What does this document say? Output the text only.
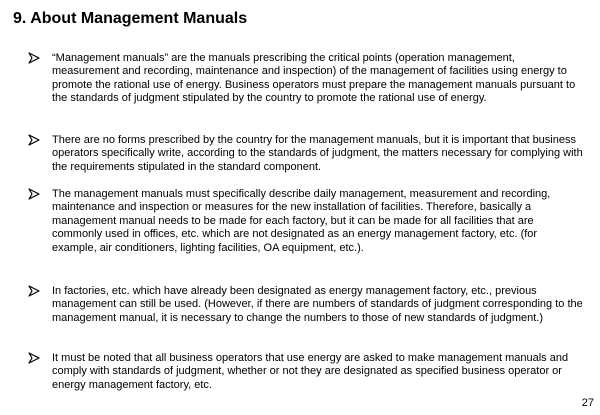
9. About Management Manuals
“Management manuals” are the manuals prescribing the critical points (operation management, measurement and recording, maintenance and inspection) of the management of facilities using energy to promote the rational use of energy. Business operators must prepare the management manuals pursuant to the standards of judgment stipulated by the country to promote the rational use of energy.
There are no forms prescribed by the country for the management manuals, but it is important that business operators specifically write, according to the standards of judgment, the matters necessary for complying with the requirements stipulated in the standard component.
The management manuals must specifically describe daily management, measurement and recording, maintenance and inspection or measures for the new installation of facilities. Therefore, basically a management manual needs to be made for each factory, but it can be made for all facilities that are commonly used in offices, etc. which are not designated as an energy management factory, etc. (for example, air conditioners, lighting facilities, OA equipment, etc.).
In factories, etc. which have already been designated as energy management factory, etc., previous management can still be used. (However, if there are numbers of standards of judgment corresponding to the management manual, it is necessary to change the numbers to those of new standards of judgment.)
It must be noted that all business operators that use energy are asked to make management manuals and comply with standards of judgment, whether or not they are designated as specified business operator or energy management factory, etc.
27
